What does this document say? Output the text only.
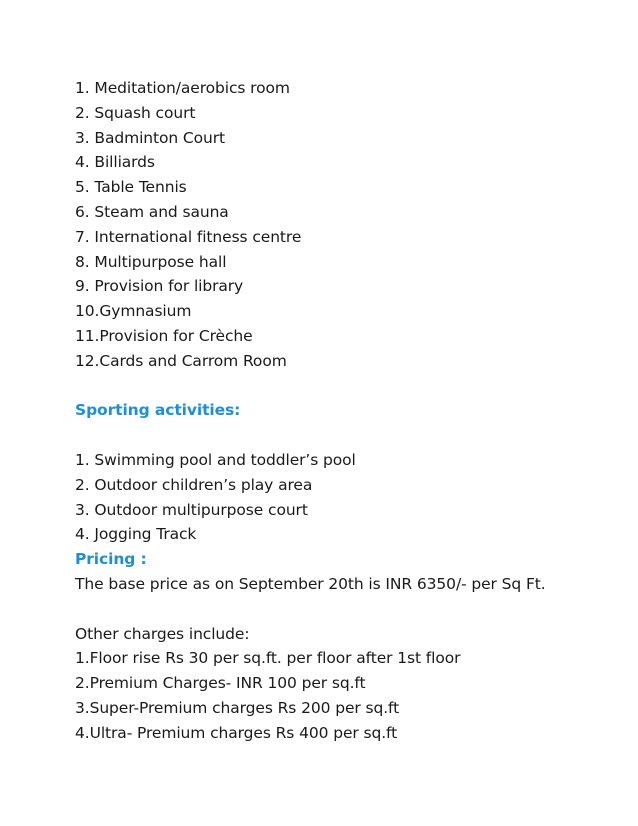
1. Meditation/aerobics room
2. Squash court
3. Badminton Court
4. Billiards
5. Table Tennis
6. Steam and sauna
7. International fitness centre
8. Multipurpose hall
9. Provision for library
10.Gymnasium
11.Provision for Crèche
12.Cards and Carrom Room
Sporting activities:
1. Swimming pool and toddler’s pool
2. Outdoor children’s play area
3. Outdoor multipurpose court
4. Jogging Track
Pricing :
The base price as on September 20th is INR 6350/- per Sq Ft.
Other charges include:
1.Floor rise Rs 30 per sq.ft. per floor after 1st floor
2.Premium Charges- INR 100 per sq.ft
3.Super-Premium charges Rs 200 per sq.ft
4.Ultra- Premium charges Rs 400 per sq.ft
